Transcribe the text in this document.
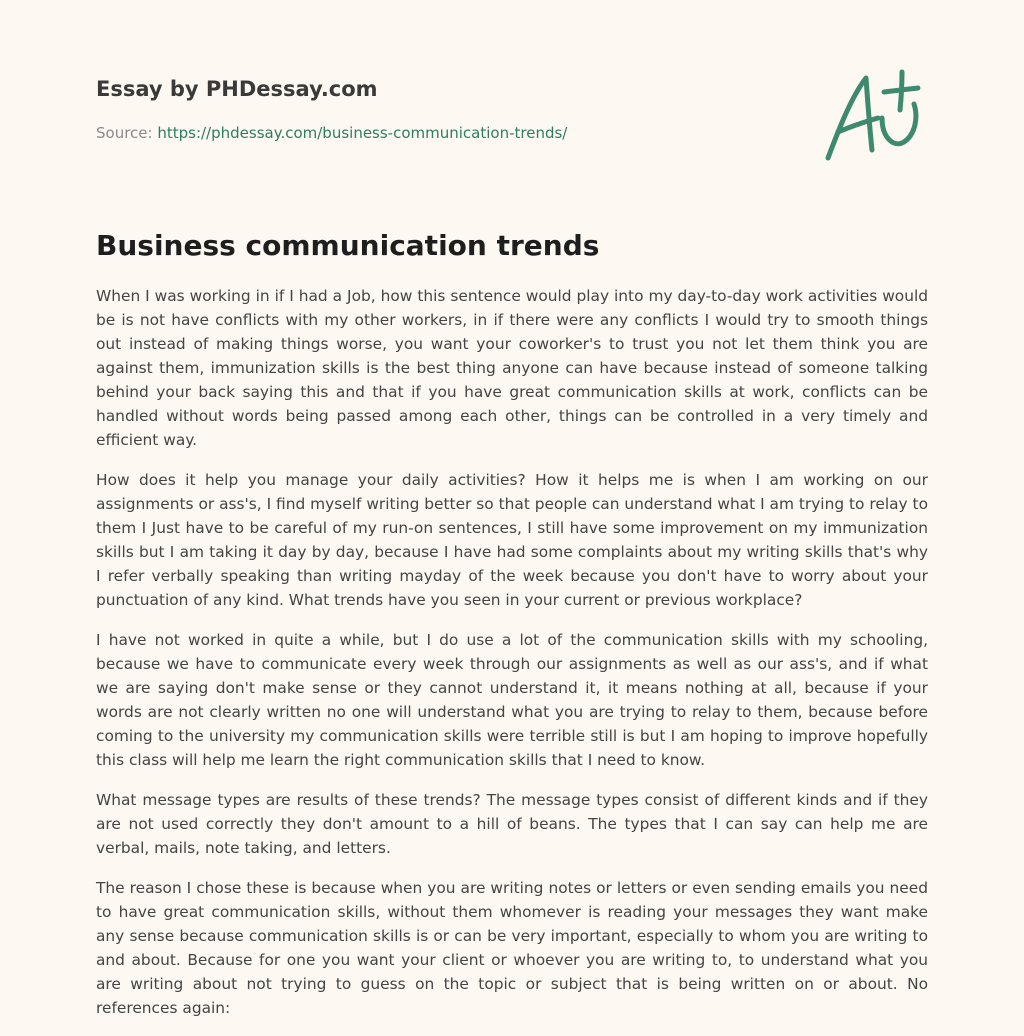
Essay by PHDessay.com
Source: https://phdessay.com/business-communication-trends/
Business communication trends

When I was working in if I had a Job, how this sentence would play into my day-to-day work activities would be is not have conflicts with my other workers, in if there were any conflicts I would try to smooth things out instead of making things worse, you want your coworker's to trust you not let them think you are against them, immunization skills is the best thing anyone can have because instead of someone talking behind your back saying this and that if you have great communication skills at work, conflicts can be handled without words being passed among each other, things can be controlled in a very timely and efficient way.

How does it help you manage your daily activities? How it helps me is when I am working on our assignments or ass's, I find myself writing better so that people can understand what I am trying to relay to them I Just have to be careful of my run-on sentences, I still have some improvement on my immunization skills but I am taking it day by day, because I have had some complaints about my writing skills that's why I refer verbally speaking than writing mayday of the week because you don't have to worry about your punctuation of any kind. What trends have you seen in your current or previous workplace?

I have not worked in quite a while, but I do use a lot of the communication skills with my schooling, because we have to communicate every week through our assignments as well as our ass's, and if what we are saying don't make sense or they cannot understand it, it means nothing at all, because if your words are not clearly written no one will understand what you are trying to relay to them, because before coming to the university my communication skills were terrible still is but I am hoping to improve hopefully this class will help me learn the right communication skills that I need to know.

What message types are results of these trends? The message types consist of different kinds and if they are not used correctly they don't amount to a hill of beans. The types that I can say can help me are verbal, mails, note taking, and letters.

The reason I chose these is because when you are writing notes or letters or even sending emails you need to have great communication skills, without them whomever is reading your messages they want make any sense because communication skills is or can be very important, especially to whom you are writing to and about. Because for one you want your client or whoever you are writing to, to understand what you are writing about not trying to guess on the topic or subject that is being written on or about. No references again:
